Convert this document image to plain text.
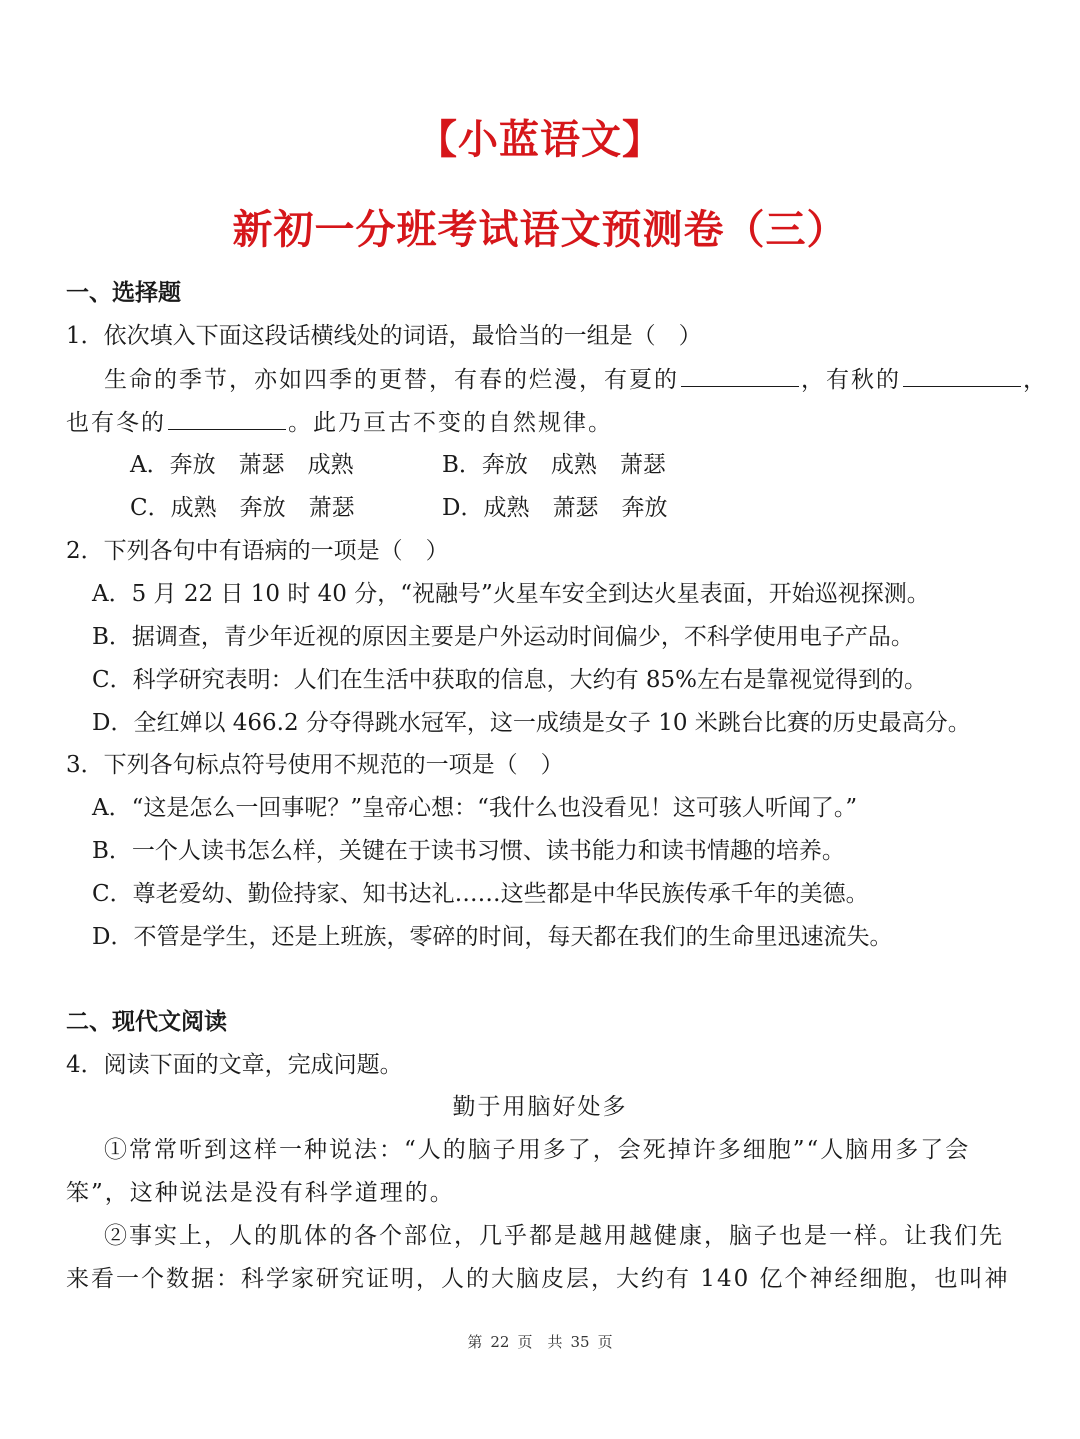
【小蓝语文】
新初一分班考试语文预测卷（三）
一、选择题
1．依次填入下面这段话横线处的词语，最恰当的一组是（　）
生命的季节，亦如四季的更替，有春的烂漫，有夏的	，有秋的	，
也有冬的	。此乃亘古不变的自然规律。
A．奔放　萧瑟　成熟	B．奔放　成熟　萧瑟
C．成熟　奔放　萧瑟	D．成熟　萧瑟　奔放
2．下列各句中有语病的一项是（　）
A．5 月 22 日 10 时 40 分，“祝融号”火星车安全到达火星表面，开始巡视探测。
B．据调查，青少年近视的原因主要是户外运动时间偏少，不科学使用电子产品。
C．科学研究表明：人们在生活中获取的信息，大约有 85%左右是靠视觉得到的。
D．全红婵以 466.2 分夺得跳水冠军，这一成绩是女子 10 米跳台比赛的历史最高分。
3．下列各句标点符号使用不规范的一项是（　）
A．“这是怎么一回事呢？”皇帝心想：“我什么也没看见！这可骇人听闻了。”
B．一个人读书怎么样，关键在于读书习惯、读书能力和读书情趣的培养。
C．尊老爱幼、勤俭持家、知书达礼……这些都是中华民族传承千年的美德。
D．不管是学生，还是上班族，零碎的时间，每天都在我们的生命里迅速流失。
二、现代文阅读
4．阅读下面的文章，完成问题。
勤于用脑好处多
①常常听到这样一种说法：“人的脑子用多了，会死掉许多细胞”“人脑用多了会
笨”，这种说法是没有科学道理的。
②事实上，人的肌体的各个部位，几乎都是越用越健康，脑子也是一样。让我们先
来看一个数据：科学家研究证明，人的大脑皮层，大约有 140 亿个神经细胞，也叫神
第 22 页　共 35 页
